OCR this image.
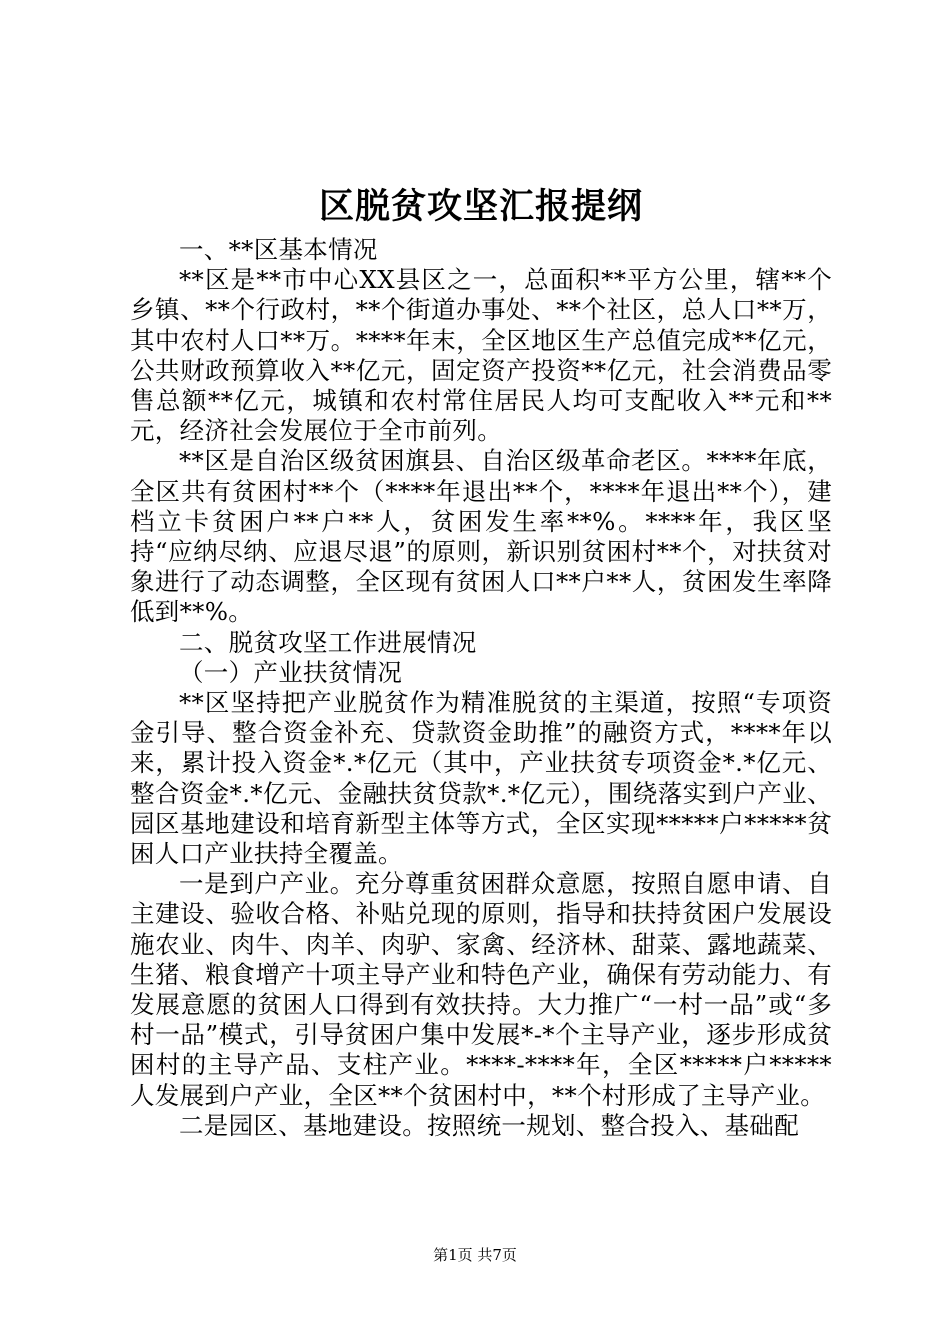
区脱贫攻坚汇报提纲

一、**区基本情况

**区是**市中心XX县区之一，总面积**平方公里，辖**个乡镇、**个行政村，**个街道办事处、**个社区，总人口**万，其中农村人口**万。****年末，全区地区生产总值完成**亿元，公共财政预算收入**亿元，固定资产投资**亿元，社会消费品零售总额**亿元，城镇和农村常住居民人均可支配收入**元和**元，经济社会发展位于全市前列。

**区是自治区级贫困旗县、自治区级革命老区。****年底，全区共有贫困村**个（****年退出**个，****年退出**个），建档立卡贫困户**户**人，贫困发生率**%。****年，我区坚持“应纳尽纳、应退尽退”的原则，新识别贫困村**个，对扶贫对象进行了动态调整，全区现有贫困人口**户**人，贫困发生率降低到**%。

二、脱贫攻坚工作进展情况

（一）产业扶贫情况

**区坚持把产业脱贫作为精准脱贫的主渠道，按照“专项资金引导、整合资金补充、贷款资金助推”的融资方式，****年以来，累计投入资金*.*亿元（其中，产业扶贫专项资金*.*亿元、整合资金*.*亿元、金融扶贫贷款*.*亿元），围绕落实到户产业、园区基地建设和培育新型主体等方式，全区实现*****户*****贫困人口产业扶持全覆盖。

一是到户产业。充分尊重贫困群众意愿，按照自愿申请、自主建设、验收合格、补贴兑现的原则，指导和扶持贫困户发展设施农业、肉牛、肉羊、肉驴、家禽、经济林、甜菜、露地蔬菜、生猪、粮食增产十项主导产业和特色产业，确保有劳动能力、有发展意愿的贫困人口得到有效扶持。大力推广“一村一品”或“多村一品”模式，引导贫困户集中发展*-*个主导产业，逐步形成贫困村的主导产品、支柱产业。****-****年，全区*****户*****人发展到户产业，全区**个贫困村中，**个村形成了主导产业。

二是园区、基地建设。按照统一规划、整合投入、基础配

第1页 共7页
